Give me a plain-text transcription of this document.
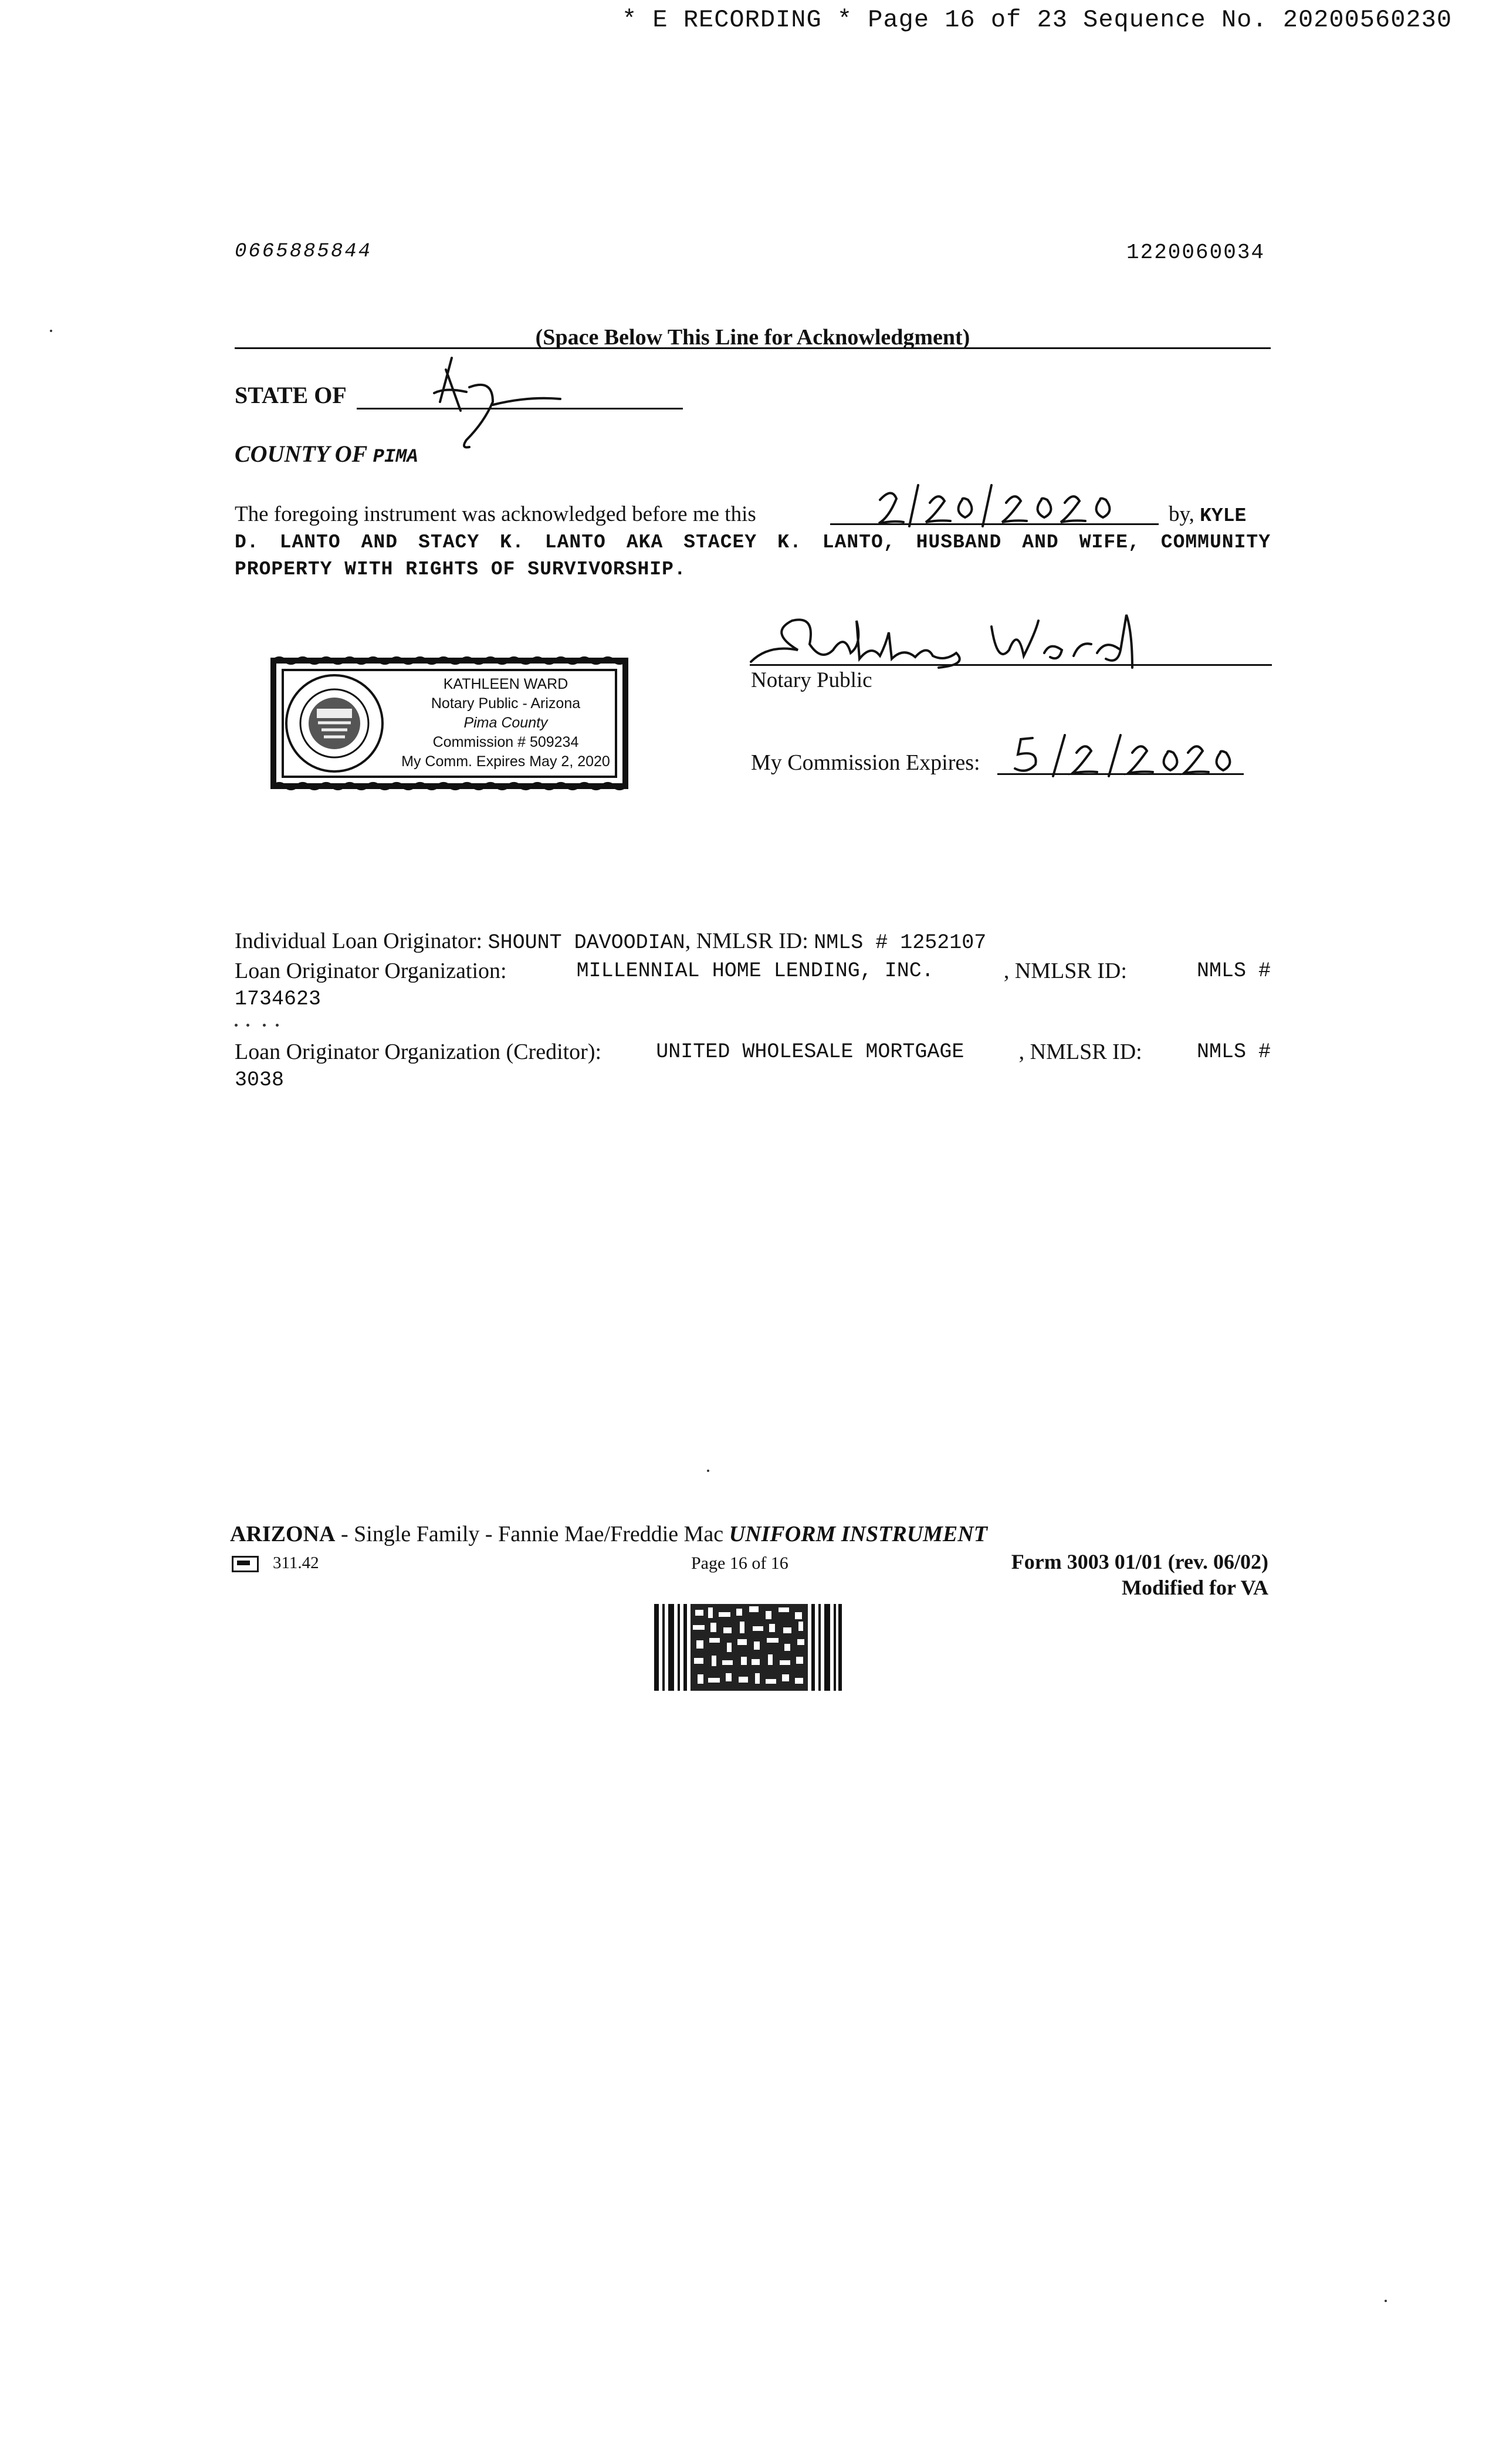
* E RECORDING * Page 16 of 23 Sequence No. 20200560230
0665885844	1220060034
(Space Below This Line for Acknowledgment)
STATE OF
COUNTY OF PIMA
The foregoing instrument was acknowledged before me this	by, KYLE
D. LANTO AND STACY K. LANTO AKA STACEY K. LANTO, HUSBAND AND WIFE, COMMUNITY PROPERTY WITH RIGHTS OF SURVIVORSHIP.
KATHLEEN WARD
Notary Public - Arizona
Pima County
Commission # 509234
My Comm. Expires May 2, 2020
Notary Public
My Commission Expires:
Individual Loan Originator: SHOUNT DAVOODIAN, NMLSR ID: NMLS # 1252107
Loan Originator Organization:	MILLENNIAL HOME LENDING, INC.	, NMLSR ID:	NMLS #
1734623
Loan Originator Organization (Creditor):	UNITED WHOLESALE MORTGAGE , NMLSR ID:	NMLS #
3038
ARIZONA - Single Family - Fannie Mae/Freddie Mac UNIFORM INSTRUMENT
311.42	Page 16 of 16	Form 3003 01/01 (rev. 06/02)
Modified for VA
